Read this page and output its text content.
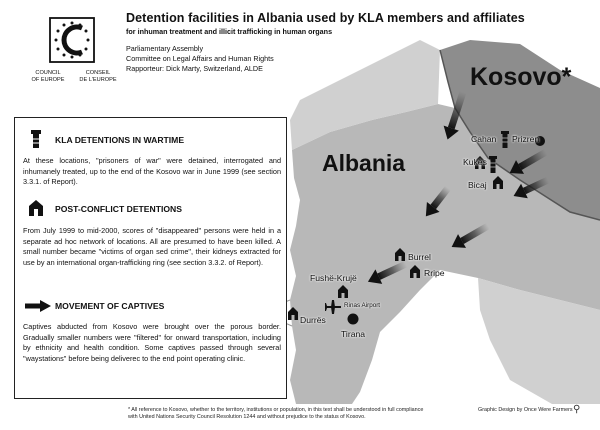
COUNCIL
OF EUROPE
CONSEIL
DE L'EUROPE
Detention facilities in Albania used by KLA members and affiliates
for inhuman treatment and illicit trafficking in human organs
Parliamentary Assembly
Committee on Legal Affairs and Human Rights
Rapporteur: Dick Marty, Switzerland, ALDE	Kosovo*
Albania
Cahan Prizren
Kukës
Bicaj
Burrel
Rripe
Fushë-Krujë
Rinas Airport
Durrës
Tirana
KLA DETENTIONS IN WARTIME
At these locations, "prisoners of war" were detained, interrogated and inhumanely treated, up to the end of the Kosovo war in June 1999 (see section 3.3.1. of Report).
POST-CONFLICT DETENTIONS
From July 1999 to mid-2000, scores of "disappeared" persons were held in a separate ad hoc network of locations. All are presumed to have been killed. A small number became "victims of organ sed crime", their kidneys extracted for use by an international organ-trafficking ring (see section 3.3.2. of Report).
MOVEMENT OF CAPTIVES
Captives abducted from Kosovo were brought over the porous border. Gradually smaller numbers were "filtered" for onward transportation, including by ethnicity and health condition. Some captives passed through several "waystations" before being deliverec to the end point operating clinic.
* All reference to Kosovo, whether to the territory, institutions or population, in this text shall be understood in full compliance
with United Nations Security Council Resolution 1244 and without prejudice to the status of Kosovo.
Graphic Design by Once Were Farmers ⚲
